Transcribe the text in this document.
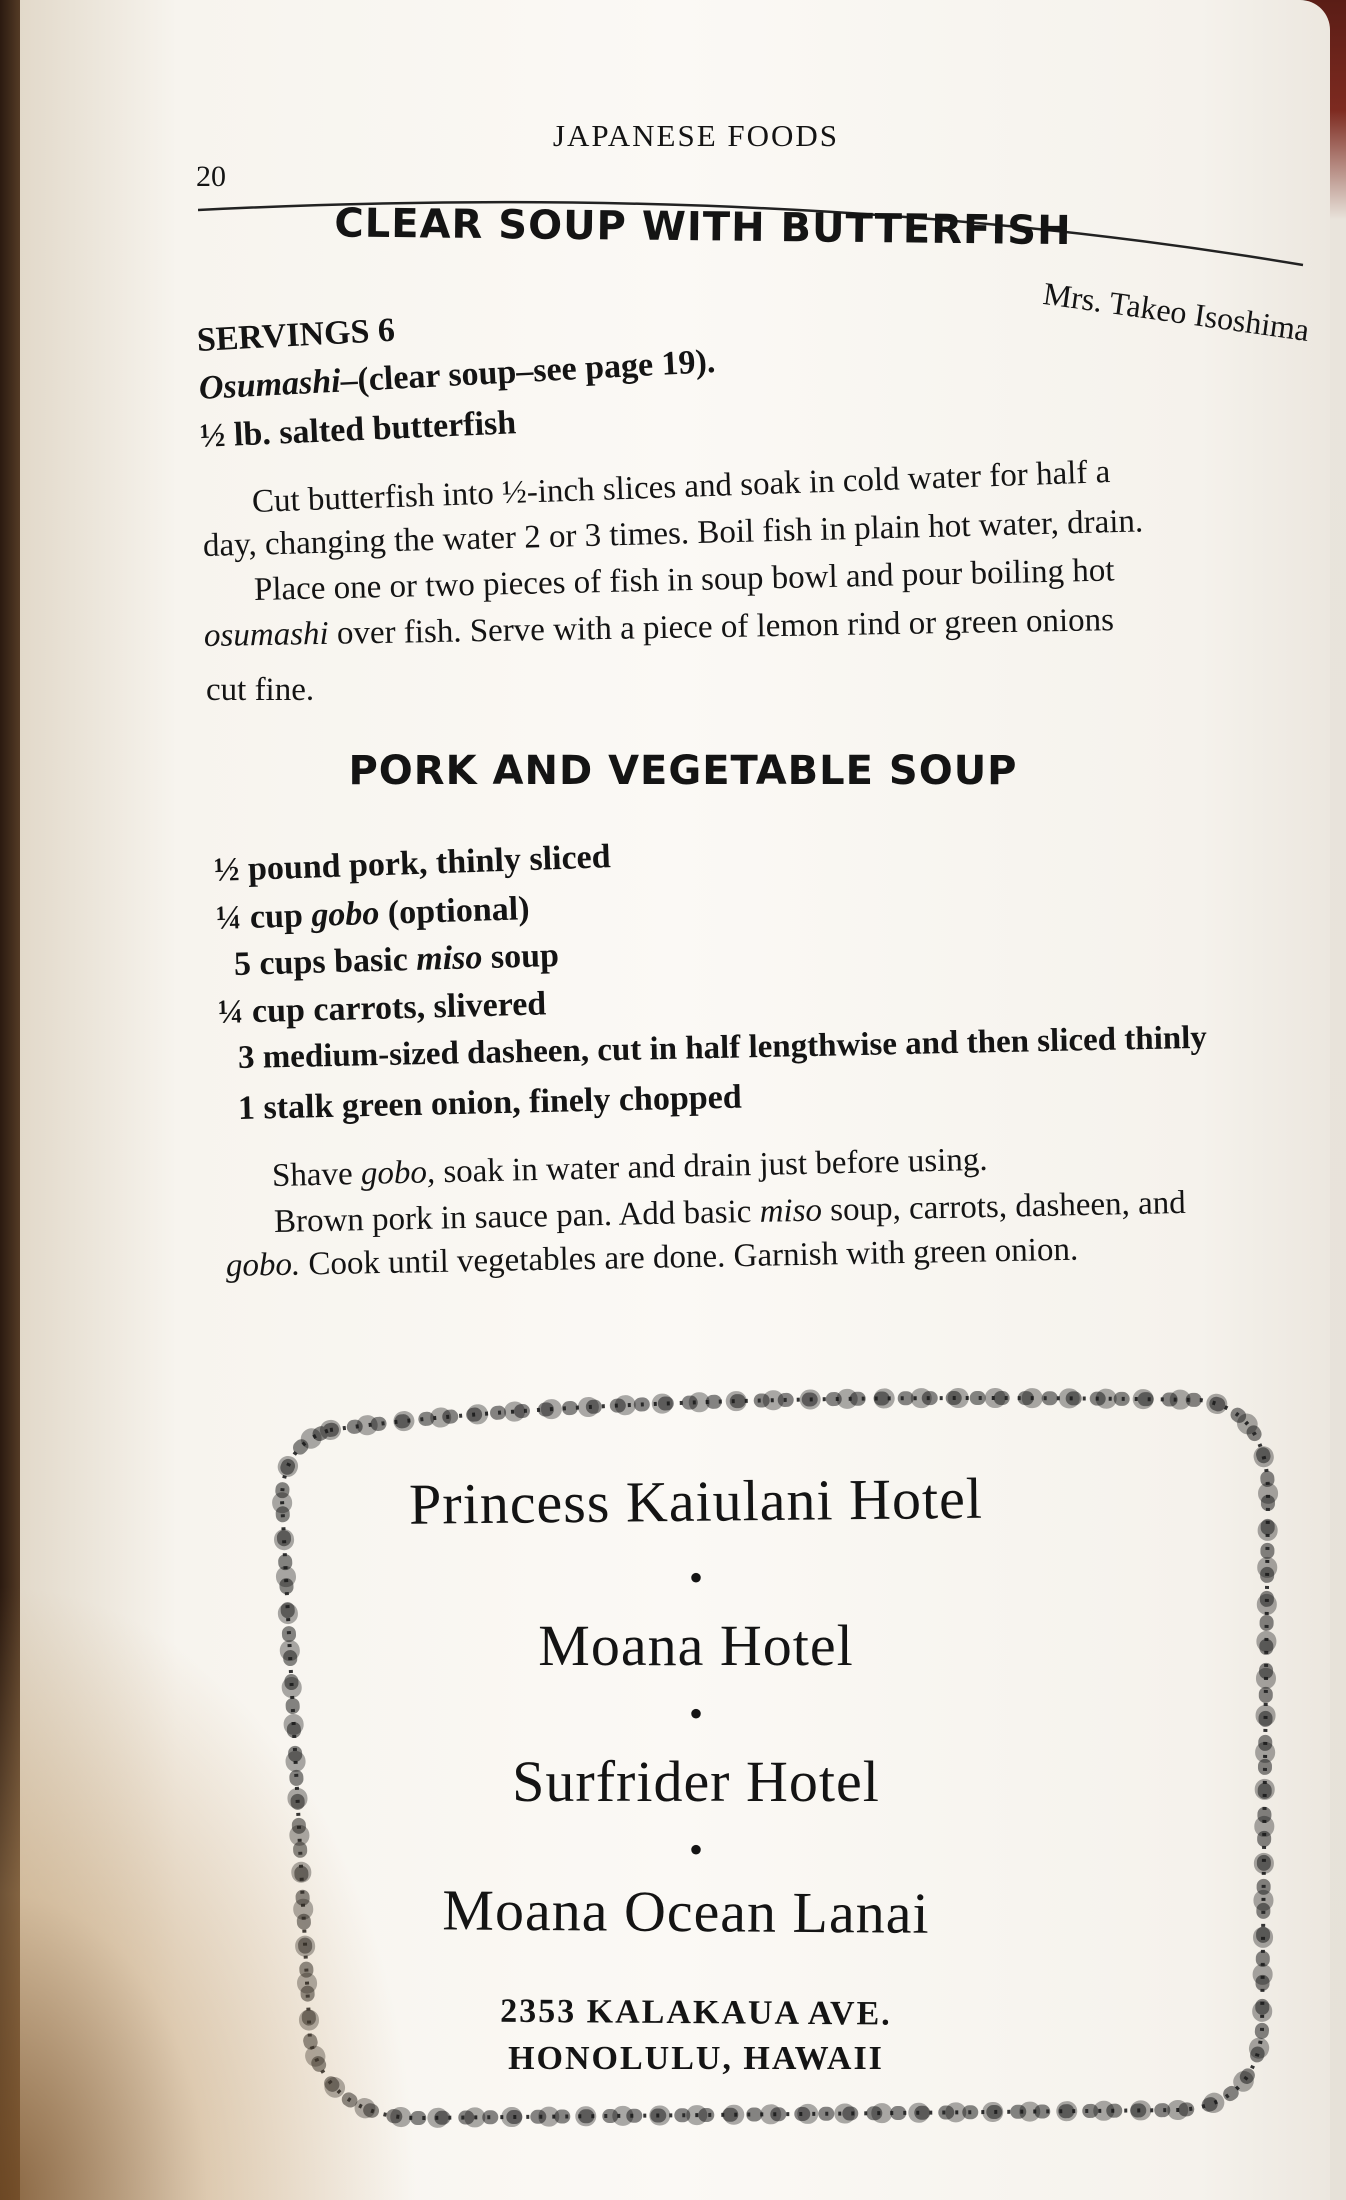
JAPANESE FOODS
20
CLEAR SOUP WITH BUTTERFISH
Mrs. Takeo Isoshima
SERVINGS 6
Osumashi–(clear soup–see page 19).
½ lb. salted butterfish
Cut butterfish into ½-inch slices and soak in cold water for half a
day, changing the water 2 or 3 times. Boil fish in plain hot water, drain.
Place one or two pieces of fish in soup bowl and pour boiling hot
osumashi over fish. Serve with a piece of lemon rind or green onions
cut fine.
PORK AND VEGETABLE SOUP
½ pound pork, thinly sliced
¼ cup gobo (optional)
5 cups basic miso soup
¼ cup carrots, slivered
3 medium-sized dasheen, cut in half lengthwise and then sliced thinly
1 stalk green onion, finely chopped
Shave gobo, soak in water and drain just before using.
Brown pork in sauce pan. Add basic miso soup, carrots, dasheen, and
gobo. Cook until vegetables are done. Garnish with green onion.
Princess Kaiulani Hotel
•
Moana Hotel
•
Surfrider Hotel
•
Moana Ocean Lanai
2353 KALAKAUA AVE.
HONOLULU, HAWAII
